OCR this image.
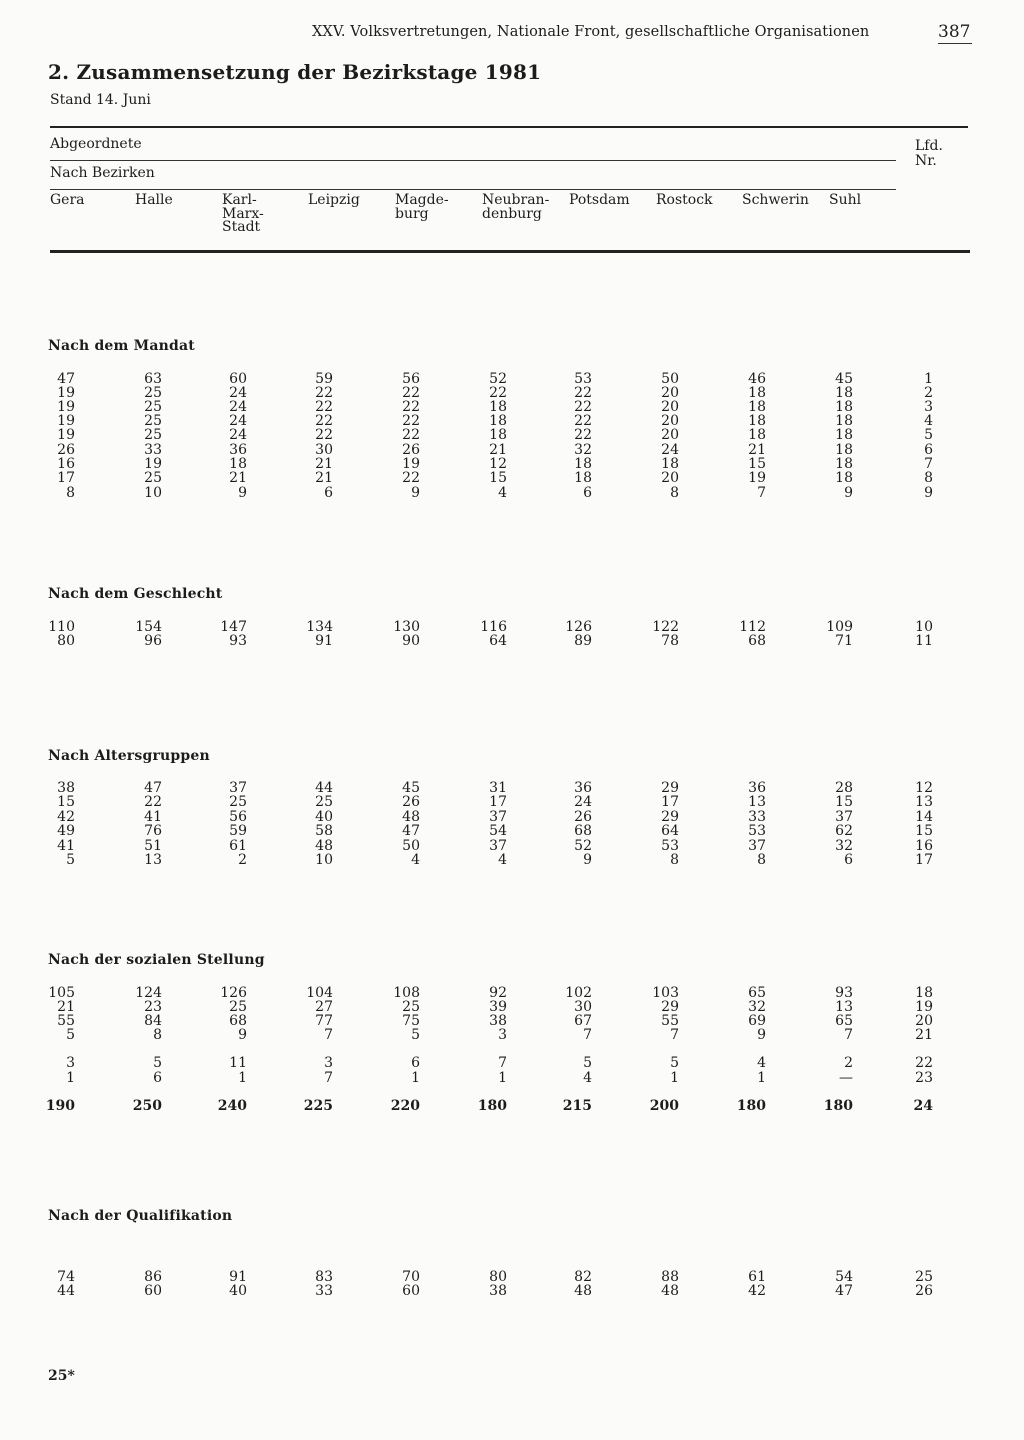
XXV. Volksvertretungen, Nationale Front, gesellschaftliche Organisationen	387
2. Zusammensetzung der Bezirkstage 1981
Stand 14. Juni
Abgeordnete	Lfd.
Nr.
Nach Bezirken
Gera	Halle	Karl-
Marx-
Stadt
Leipzig	Magde-
burg
Neubran-
denburg
Potsdam Rostock Schwerin Suhl
Nach dem Mandat
47	63	60	59	56	52	53	50	46	45	1
19	25	24	22	22	22	22	20	18	18	2
19	25	24	22	22	18	22	20	18	18	3
19	25	24	22	22	18	22	20	18	18	4
19	25	24	22	22	18	22	20	18	18	5
26	33	36	30	26	21	32	24	21	18	6
16	19	18	21	19	12	18	18	15	18	7
17	25	21	21	22	15	18	20	19	18	8
8	10	9	6	9	4	6	8	7	9	9
Nach dem Geschlecht
110	154	147	134	130	116	126	122	112	109	10
80	96	93	91	90	64	89	78	68	71	11
Nach Altersgruppen
38	47	37	44	45	31	36	29	36	28	12
15	22	25	25	26	17	24	17	13	15	13
42	41	56	40	48	37	26	29	33	37	14
49	76	59	58	47	54	68	64	53	62	15
41	51	61	48	50	37	52	53	37	32	16
5	13	2	10	4	4	9	8	8	6	17
Nach der sozialen Stellung
105	124	126	104	108	92	102	103	65	93	18
21	23	25	27	25	39	30	29	32	13	19
55	84	68	77	75	38	67	55	69	65	20
5	8	9	7	5	3	7	7	9	7	21
3	5	11	3	6	7	5	5	4	2	22
1	6	1	7	1	1	4	1	1	—	23
190	250	240	225	220	180	215	200	180	180	24
Nach der Qualifikation
74	86	91	83	70	80	82	88	61	54	25
44	60	40	33	60	38	48	48	42	47	26
25*
